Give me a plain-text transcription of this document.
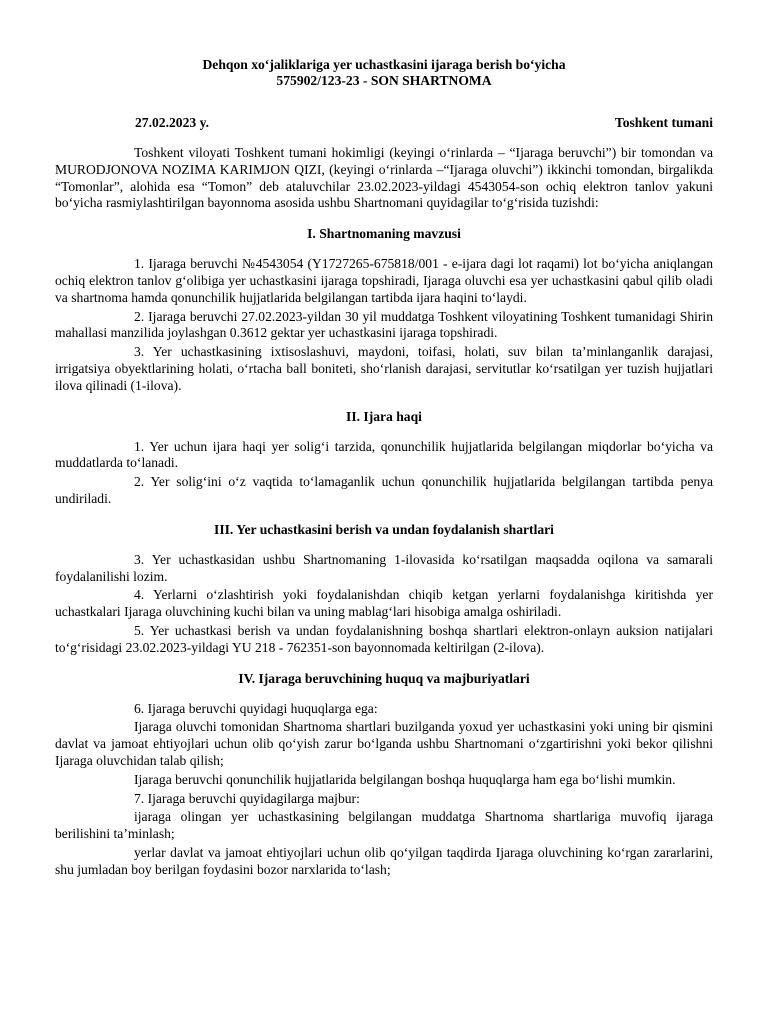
Dehqon xo‘jaliklariga yer uchastkasini ijaraga berish bo‘yicha
575902/123-23 - SON SHARTNOMA
27.02.2023 y.	Toshkent tumani

Toshkent viloyati Toshkent tumani hokimligi (keyingi o‘rinlarda – “Ijaraga beruvchi”) bir tomondan va MURODJONOVA NOZIMA KARIMJON QIZI, (keyingi o‘rinlarda –“Ijaraga oluvchi”) ikkinchi tomondan, birgalikda “Tomonlar”, alohida esa “Tomon” deb ataluvchilar 23.02.2023-yildagi 4543054-son ochiq elektron tanlov yakuni bo‘yicha rasmiylashtirilgan bayonnoma asosida ushbu Shartnomani quyidagilar to‘g‘risida tuzishdi:

I. Shartnomaning mavzusi

1. Ijaraga beruvchi №4543054 (Y1727265-675818/001 - e-ijara dagi lot raqami) lot bo‘yicha aniqlangan ochiq elektron tanlov g‘olibiga yer uchastkasini ijaraga topshiradi, Ijaraga oluvchi esa yer uchastkasini qabul qilib oladi va shartnoma hamda qonunchilik hujjatlarida belgilangan tartibda ijara haqini to‘laydi.

2. Ijaraga beruvchi 27.02.2023-yildan 30 yil muddatga Toshkent viloyatining Toshkent tumanidagi Shirin mahallasi manzilida joylashgan 0.3612 gektar yer uchastkasini ijaraga topshiradi.

3. Yer uchastkasining ixtisoslashuvi, maydoni, toifasi, holati, suv bilan ta’minlanganlik darajasi, irrigatsiya obyektlarining holati, o‘rtacha ball boniteti, sho‘rlanish darajasi, servitutlar ko‘rsatilgan yer tuzish hujjatlari ilova qilinadi (1-ilova).

II. Ijara haqi

1. Yer uchun ijara haqi yer solig‘i tarzida, qonunchilik hujjatlarida belgilangan miqdorlar bo‘yicha va muddatlarda to‘lanadi.

2. Yer solig‘ini o‘z vaqtida to‘lamaganlik uchun qonunchilik hujjatlarida belgilangan tartibda penya undiriladi.

III. Yer uchastkasini berish va undan foydalanish shartlari

3. Yer uchastkasidan ushbu Shartnomaning 1-ilovasida ko‘rsatilgan maqsadda oqilona va samarali foydalanilishi lozim.

4. Yerlarni o‘zlashtirish yoki foydalanishdan chiqib ketgan yerlarni foydalanishga kiritishda yer uchastkalari Ijaraga oluvchining kuchi bilan va uning mablag‘lari hisobiga amalga oshiriladi.

5. Yer uchastkasi berish va undan foydalanishning boshqa shartlari elektron-onlayn auksion natijalari to‘g‘risidagi 23.02.2023-yildagi YU 218 - 762351-son bayonnomada keltirilgan (2-ilova).

IV. Ijaraga beruvchining huquq va majburiyatlari

6. Ijaraga beruvchi quyidagi huquqlarga ega:

Ijaraga oluvchi tomonidan Shartnoma shartlari buzilganda yoxud yer uchastkasini yoki uning bir qismini davlat va jamoat ehtiyojlari uchun olib qo‘yish zarur bo‘lganda ushbu Shartnomani o‘zgartirishni yoki bekor qilishni Ijaraga oluvchidan talab qilish;

Ijaraga beruvchi qonunchilik hujjatlarida belgilangan boshqa huquqlarga ham ega bo‘lishi mumkin.

7. Ijaraga beruvchi quyidagilarga majbur:

ijaraga olingan yer uchastkasining belgilangan muddatga Shartnoma shartlariga muvofiq ijaraga berilishini ta’minlash;

yerlar davlat va jamoat ehtiyojlari uchun olib qo‘yilgan taqdirda Ijaraga oluvchining ko‘rgan zararlarini, shu jumladan boy berilgan foydasini bozor narxlarida to‘lash;
